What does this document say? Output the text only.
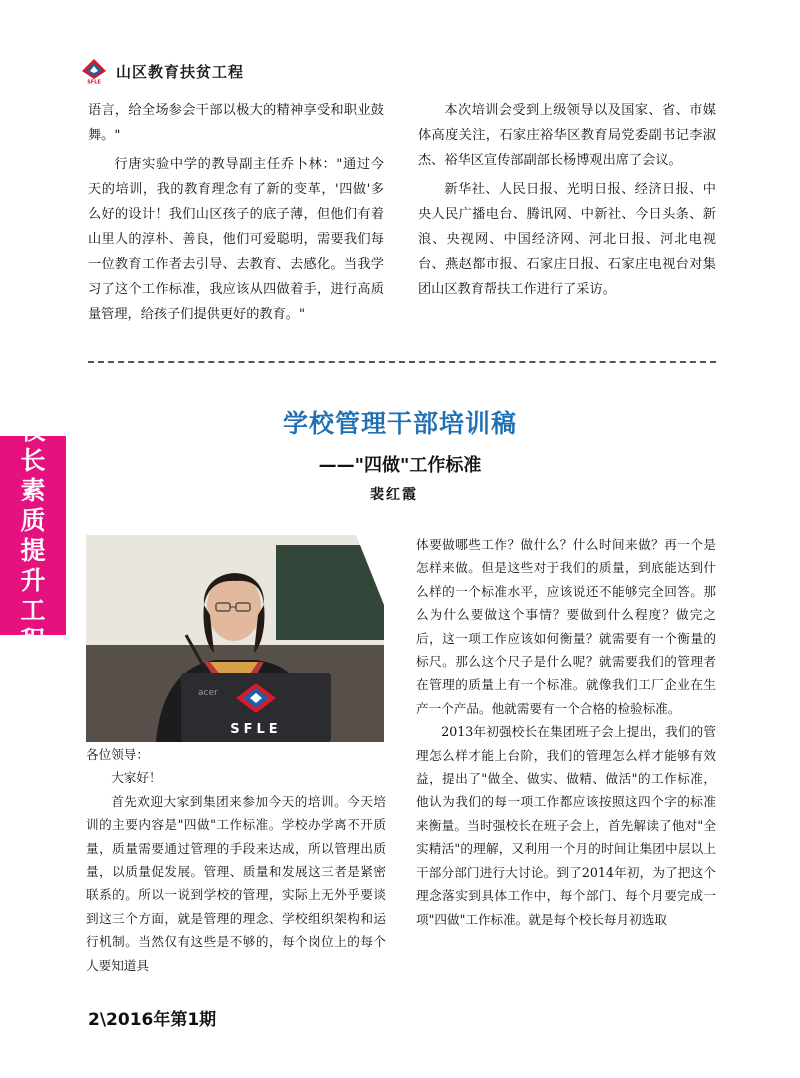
SFLE
山区教育扶贫工程

语言，给全场参会干部以极大的精神享受和职业鼓舞。"

行唐实验中学的教导副主任乔卜林："通过今天的培训，我的教育理念有了新的变革，'四做'多么好的设计！我们山区孩子的底子薄，但他们有着山里人的淳朴、善良，他们可爱聪明，需要我们每一位教育工作者去引导、去教育、去感化。当我学习了这个工作标准，我应该从四做着手，进行高质量管理，给孩子们提供更好的教育。"

本次培训会受到上级领导以及国家、省、市媒体高度关注，石家庄裕华区教育局党委副书记李淑杰、裕华区宣传部副部长杨博观出席了会议。

新华社、人民日报、光明日报、经济日报、中央人民广播电台、腾讯网、中新社、今日头条、新浪、央视网、中国经济网、河北日报、河北电视台、燕赵都市报、石家庄日报、石家庄电视台对集团山区教育帮扶工作进行了采访。

校
长
素
质
提
升
工
程
学校管理干部培训稿
——"四做"工作标准
裴红霞
acer
SFLE

各位领导：

大家好！

首先欢迎大家到集团来参加今天的培训。今天培训的主要内容是"四做"工作标准。学校办学离不开质量，质量需要通过管理的手段来达成，所以管理出质量，以质量促发展。管理、质量和发展这三者是紧密联系的。所以一说到学校的管理，实际上无外乎要谈到这三个方面，就是管理的理念、学校组织架构和运行机制。当然仅有这些是不够的，每个岗位上的每个人要知道具

体要做哪些工作？做什么？什么时间来做？再一个是怎样来做。但是这些对于我们的质量，到底能达到什么样的一个标准水平，应该说还不能够完全回答。那么为什么要做这个事情？要做到什么程度？做完之后，这一项工作应该如何衡量？就需要有一个衡量的标尺。那么这个尺子是什么呢？就需要我们的管理者在管理的质量上有一个标准。就像我们工厂企业在生产一个产品。他就需要有一个合格的检验标准。

2013年初强校长在集团班子会上提出，我们的管理怎么样才能上台阶，我们的管理怎么样才能够有效益，提出了"做全、做实、做精、做活"的工作标准，他认为我们的每一项工作都应该按照这四个字的标准来衡量。当时强校长在班子会上，首先解读了他对"全实精活"的理解，又利用一个月的时间让集团中层以上干部分部门进行大讨论。到了2014年初，为了把这个理念落实到具体工作中，每个部门、每个月要完成一项"四做"工作标准。就是每个校长每月初选取

2\2016年第1期
